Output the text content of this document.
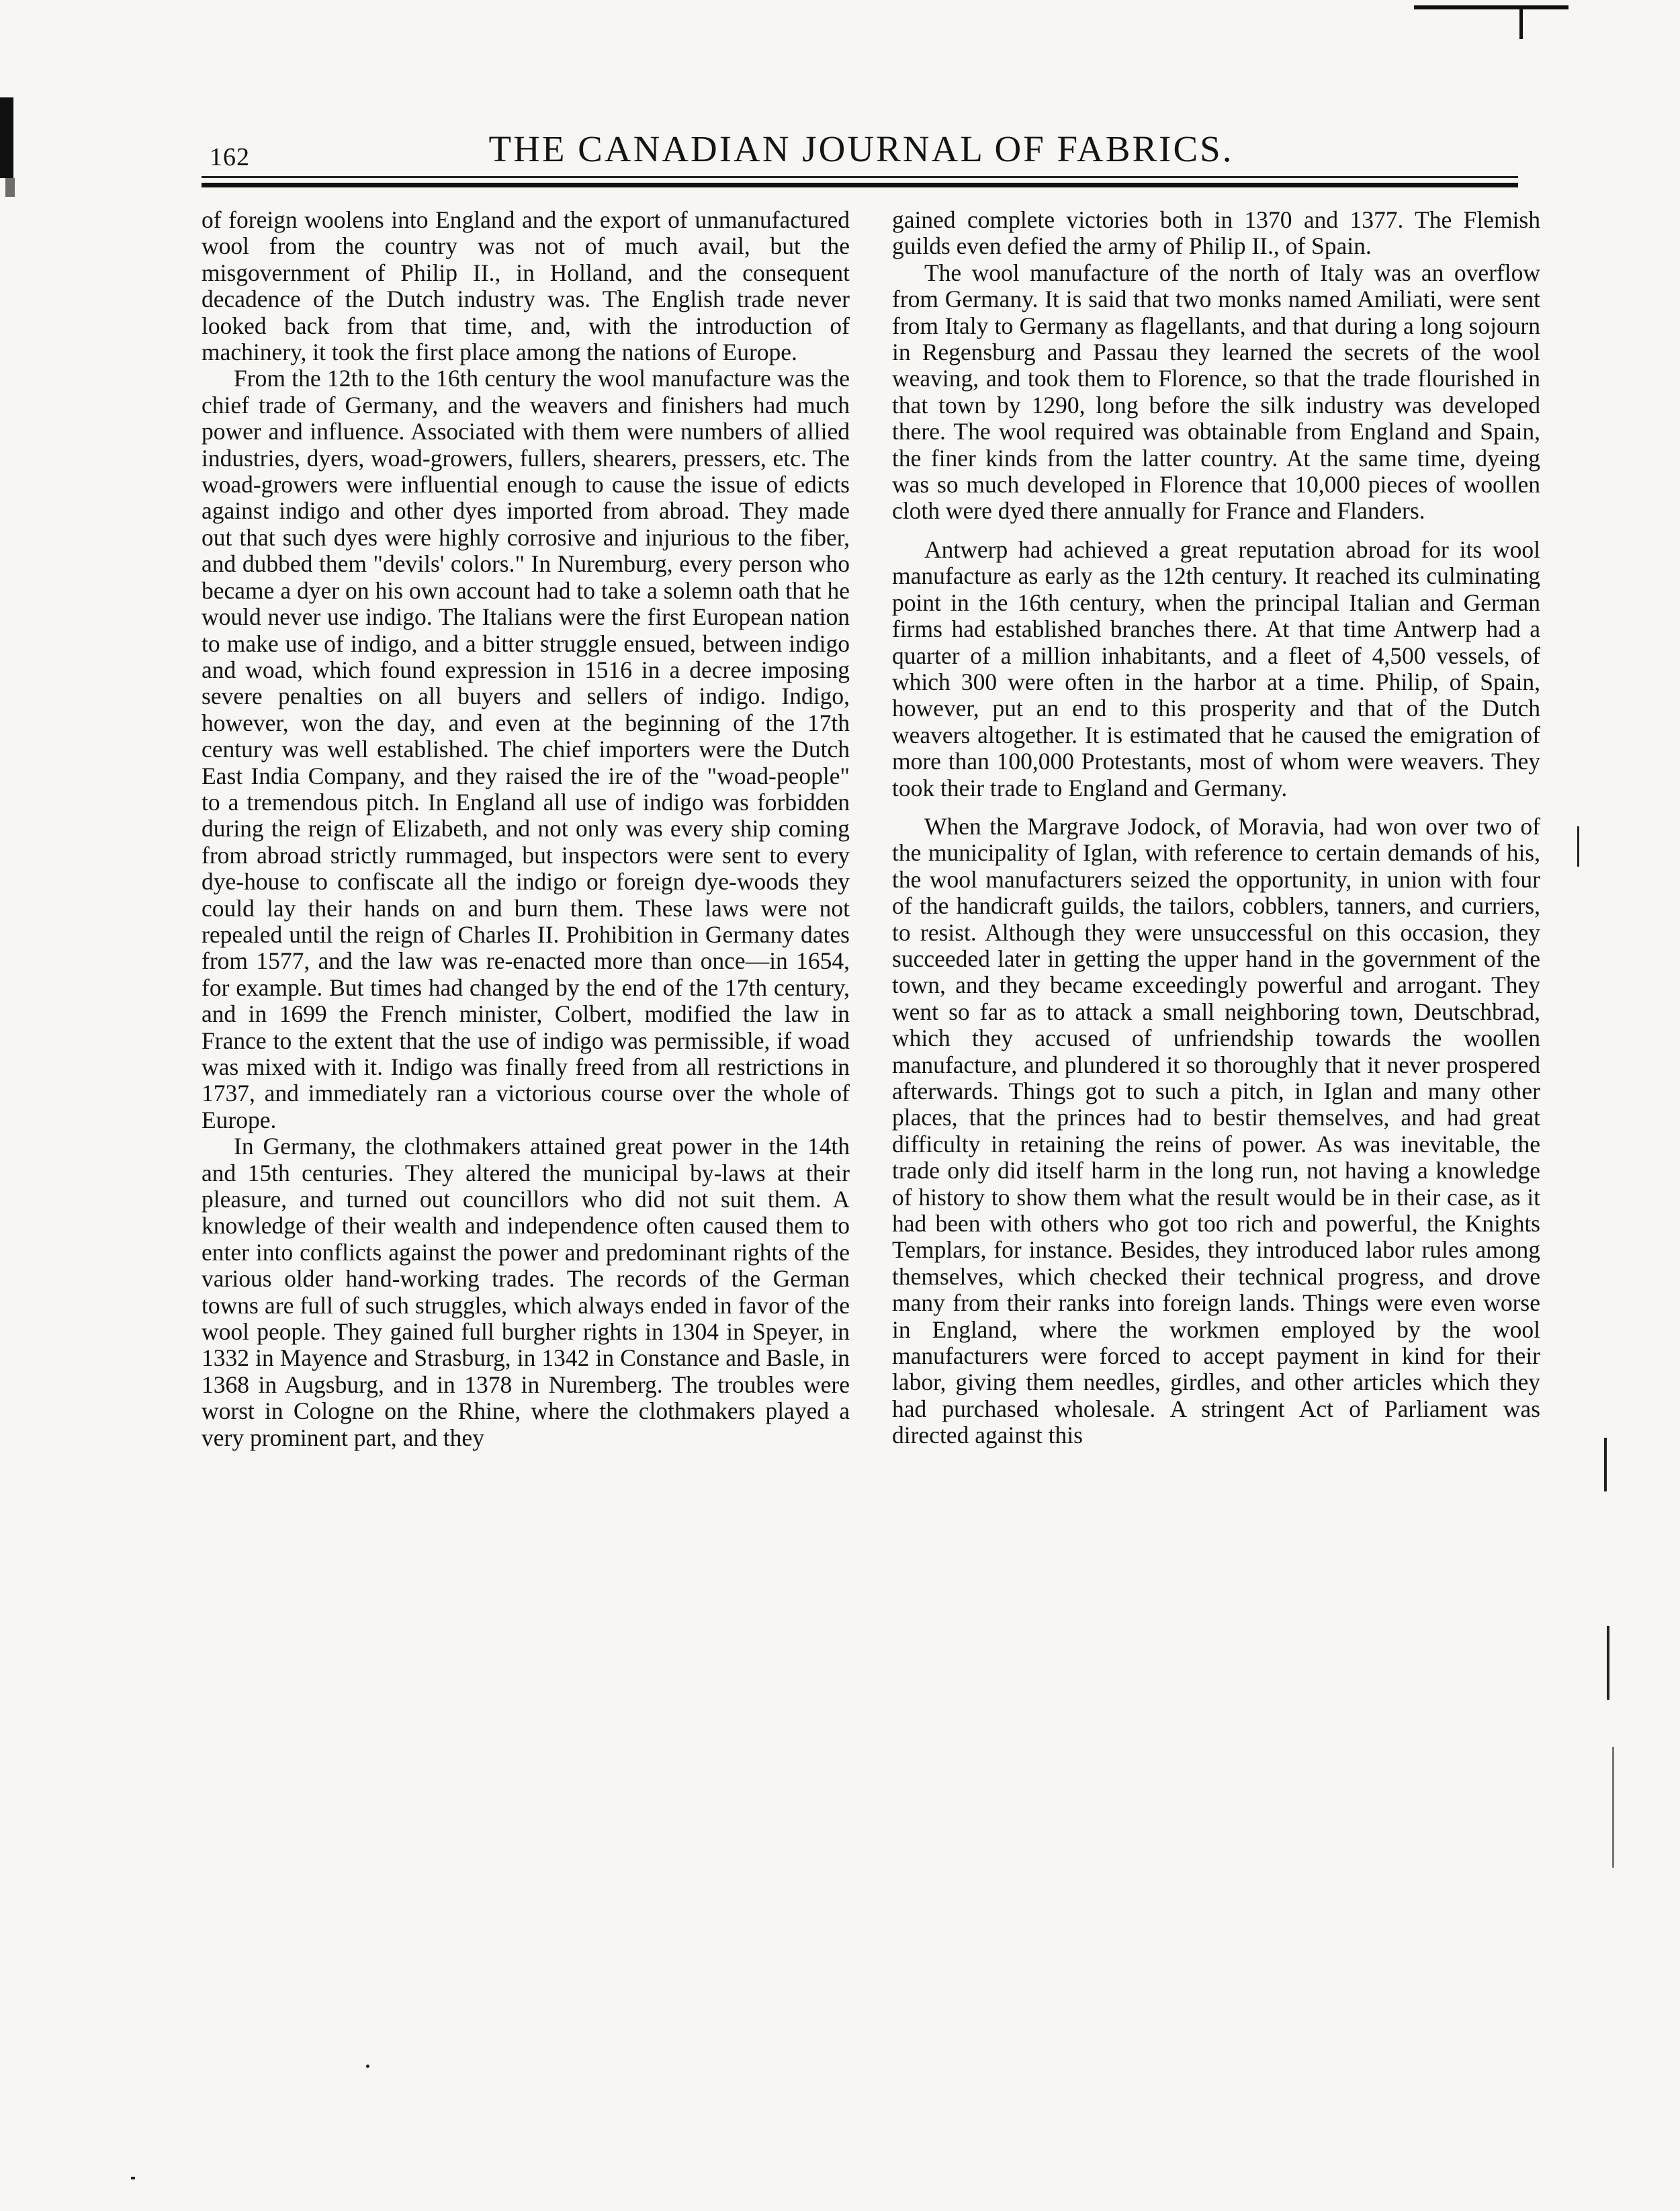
162	THE CANADIAN JOURNAL OF FABRICS.

of foreign woolens into England and the export of unmanufactured wool from the country was not of much avail, but the misgovernment of Philip II., in Holland, and the consequent decadence of the Dutch industry was. The English trade never looked back from that time, and, with the introduction of machinery, it took the first place among the nations of Europe.

From the 12th to the 16th century the wool manufacture was the chief trade of Germany, and the weavers and finishers had much power and influence. Associated with them were numbers of allied industries, dyers, woad-growers, fullers, shearers, pressers, etc. The woad-growers were influential enough to cause the issue of edicts against indigo and other dyes imported from abroad. They made out that such dyes were highly corrosive and injurious to the fiber, and dubbed them "devils' colors." In Nuremburg, every person who became a dyer on his own account had to take a solemn oath that he would never use indigo. The Italians were the first European nation to make use of indigo, and a bitter struggle ensued, between indigo and woad, which found expression in 1516 in a decree imposing severe penalties on all buyers and sellers of indigo. Indigo, however, won the day, and even at the beginning of the 17th century was well established. The chief importers were the Dutch East India Company, and they raised the ire of the "woad-people" to a tremendous pitch. In England all use of indigo was forbidden during the reign of Elizabeth, and not only was every ship coming from abroad strictly rummaged, but inspectors were sent to every dye-house to confiscate all the indigo or foreign dye-woods they could lay their hands on and burn them. These laws were not repealed until the reign of Charles II. Prohibition in Germany dates from 1577, and the law was re-enacted more than once—in 1654, for example. But times had changed by the end of the 17th century, and in 1699 the French minister, Colbert, modified the law in France to the extent that the use of indigo was permissible, if woad was mixed with it. Indigo was finally freed from all restrictions in 1737, and immediately ran a victorious course over the whole of Europe.

In Germany, the clothmakers attained great power in the 14th and 15th centuries. They altered the municipal by-laws at their pleasure, and turned out councillors who did not suit them. A knowledge of their wealth and independence often caused them to enter into conflicts against the power and predominant rights of the various older hand-working trades. The records of the German towns are full of such struggles, which always ended in favor of the wool people. They gained full burgher rights in 1304 in Speyer, in 1332 in Mayence and Strasburg, in 1342 in Constance and Basle, in 1368 in Augsburg, and in 1378 in Nuremberg. The troubles were worst in Cologne on the Rhine, where the clothmakers played a very prominent part, and they

gained complete victories both in 1370 and 1377. The Flemish guilds even defied the army of Philip II., of Spain.

The wool manufacture of the north of Italy was an overflow from Germany. It is said that two monks named Amiliati, were sent from Italy to Germany as flagellants, and that during a long sojourn in Regensburg and Passau they learned the secrets of the wool weaving, and took them to Florence, so that the trade flourished in that town by 1290, long before the silk industry was developed there. The wool required was obtainable from England and Spain, the finer kinds from the latter country. At the same time, dyeing was so much developed in Florence that 10,000 pieces of woollen cloth were dyed there annually for France and Flanders.

Antwerp had achieved a great reputation abroad for its wool manufacture as early as the 12th century. It reached its culminating point in the 16th century, when the principal Italian and German firms had established branches there. At that time Antwerp had a quarter of a million inhabitants, and a fleet of 4,500 vessels, of which 300 were often in the harbor at a time. Philip, of Spain, however, put an end to this prosperity and that of the Dutch weavers altogether. It is estimated that he caused the emigration of more than 100,000 Protestants, most of whom were weavers. They took their trade to England and Germany.

When the Margrave Jodock, of Moravia, had won over two of the municipality of Iglan, with reference to certain demands of his, the wool manufacturers seized the opportunity, in union with four of the handicraft guilds, the tailors, cobblers, tanners, and curriers, to resist. Although they were unsuccessful on this occasion, they succeeded later in getting the upper hand in the government of the town, and they became exceedingly powerful and arrogant. They went so far as to attack a small neighboring town, Deutschbrad, which they accused of unfriendship towards the woollen manufacture, and plundered it so thoroughly that it never prospered afterwards. Things got to such a pitch, in Iglan and many other places, that the princes had to bestir themselves, and had great difficulty in retaining the reins of power. As was inevitable, the trade only did itself harm in the long run, not having a knowledge of history to show them what the result would be in their case, as it had been with others who got too rich and powerful, the Knights Templars, for instance. Besides, they introduced labor rules among themselves, which checked their technical progress, and drove many from their ranks into foreign lands. Things were even worse in England, where the workmen employed by the wool manufacturers were forced to accept payment in kind for their labor, giving them needles, girdles, and other articles which they had purchased wholesale. A stringent Act of Parliament was directed against this
